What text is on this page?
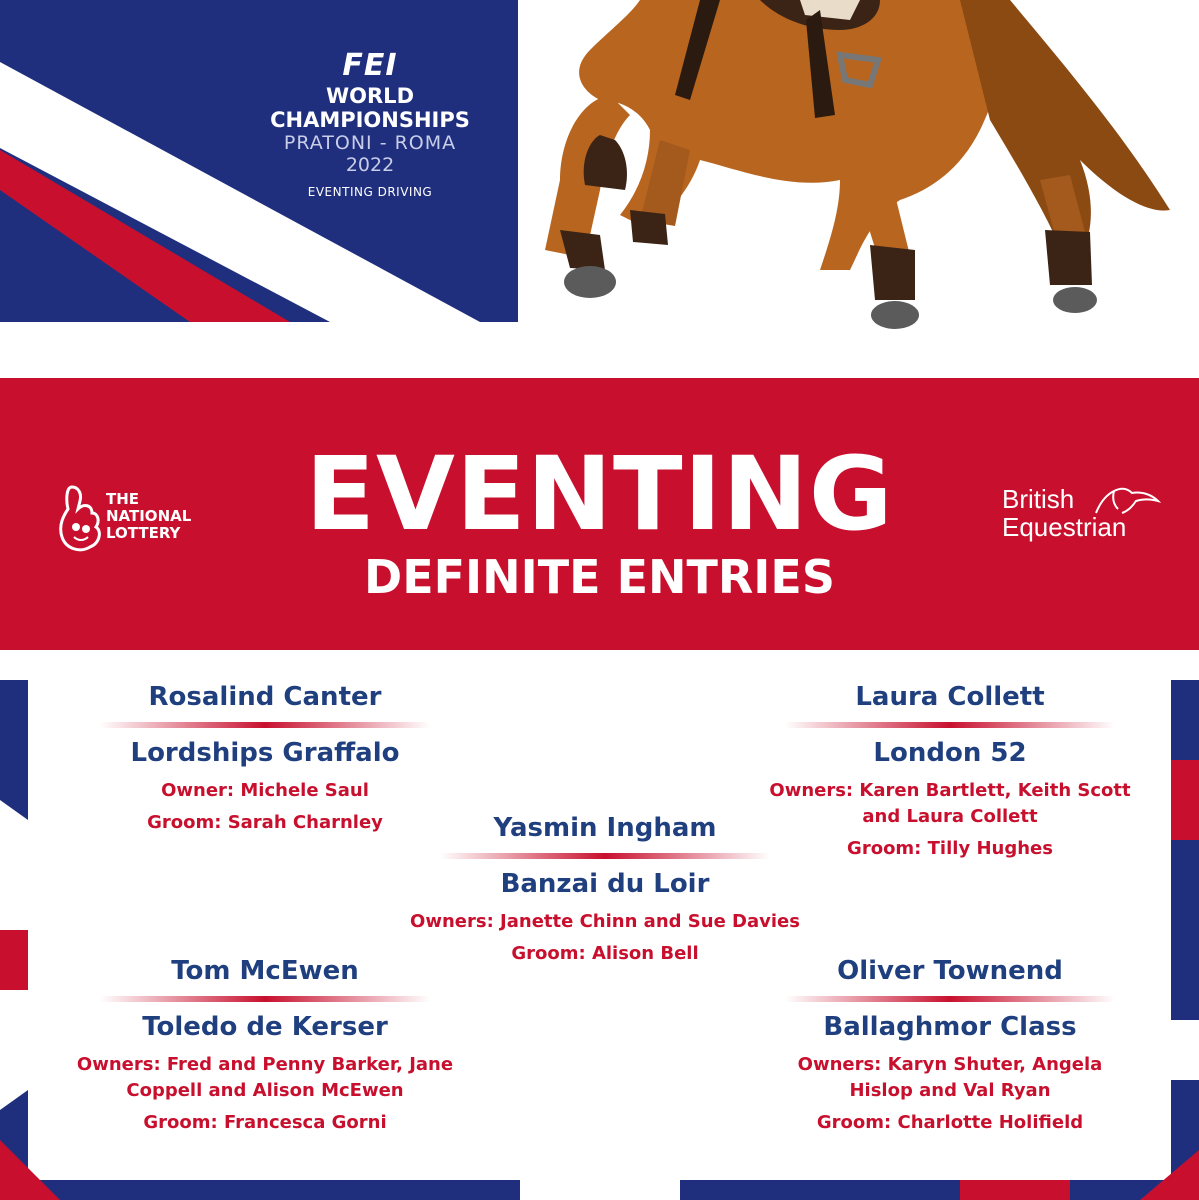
FEI
WORLD
CHAMPIONSHIPS
PRATONI - ROMA
2022
EVENTING DRIVING
EVENTING
DEFINITE ENTRIES
THE
NATIONAL
LOTTERY
British
Equestrian
Rosalind Canter
Lordships Graffalo
Owner: Michele Saul
Groom: Sarah Charnley
Laura Collett
London 52
Owners: Karen Bartlett, Keith Scott and Laura Collett
Groom: Tilly Hughes
Yasmin Ingham
Banzai du Loir
Owners: Janette Chinn and Sue Davies
Groom: Alison Bell
Tom McEwen
Toledo de Kerser
Owners: Fred and Penny Barker, Jane Coppell and Alison McEwen
Groom: Francesca Gorni
Oliver Townend
Ballaghmor Class
Owners: Karyn Shuter, Angela Hislop and Val Ryan
Groom: Charlotte Holifield
